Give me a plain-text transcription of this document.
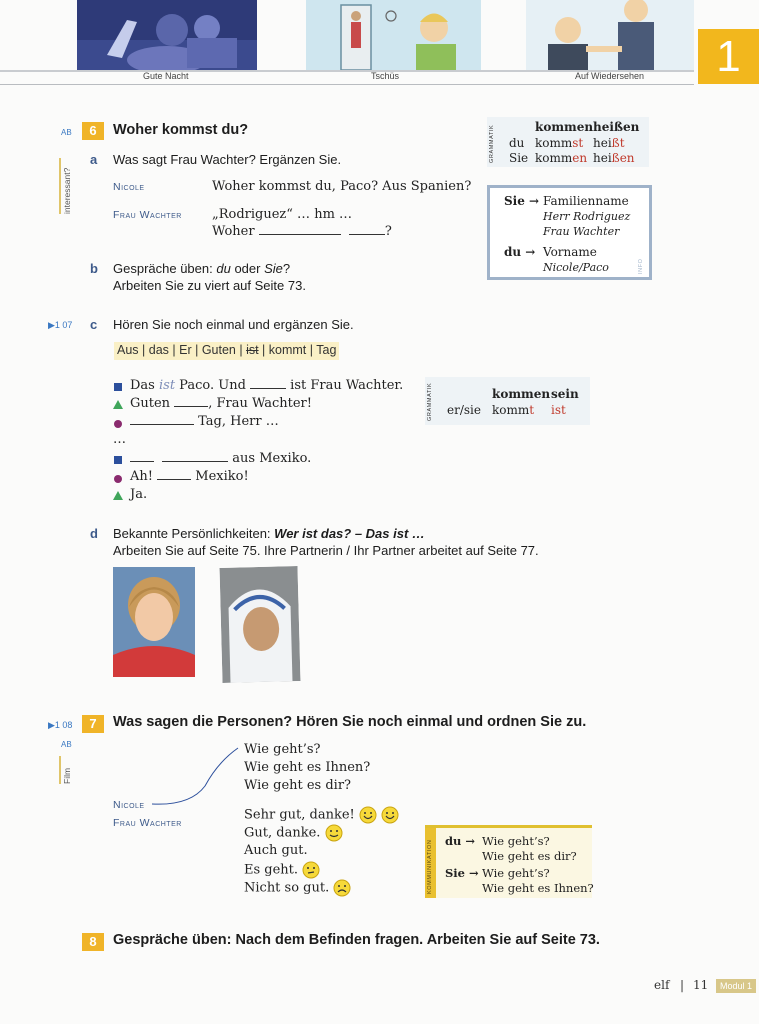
Gute Nacht	Tschüs	Auf Wiedersehen	1
AB	6	Woher kommst du?
interessant?
a Was sagt Frau Wachter? Ergänzen Sie.
Nicole	Woher kommst du, Paco? Aus Spanien?
Frau Wachter „Rodriguez“ … hm …
Woher	?
GRAMMATIK	kommen heißen
du kommst heißt
Sie kommen heißen
Sie → Familienname
Herr Rodriguez
Frau Wachter
du → Vorname
Nicole/Paco	INFO
b Gespräche üben: du oder Sie?
Arbeiten Sie zu viert auf Seite 73.
▶1 07 c Hören Sie noch einmal und ergänzen Sie.
Aus | das | Er | Guten | ist | kommt | Tag
Das ist Paco. Und	ist Frau Wachter.
Guten	, Frau Wachter!
Tag, Herr …
…
aus Mexiko.
Ah!	Mexiko!
Ja.
GRAMMATIK	kommen sein
er/sie kommt ist
d Bekannte Persönlichkeiten: Wer ist das? – Das ist …
Arbeiten Sie auf Seite 75. Ihre Partnerin / Ihr Partner arbeitet auf Seite 77.
▶1 08
AB
Film
7	Was sagen die Personen? Hören Sie noch einmal und ordnen Sie zu.
Nicole
Frau Wachter
Wie geht’s?
Wie geht es Ihnen?
Wie geht es dir?
Sehr gut, danke!
Gut, danke.
Auch gut.
Es geht.
Nicht so gut.	KOMMUNIKATION du → Wie geht’s?
Wie geht es dir?
Sie → Wie geht’s?
Wie geht es Ihnen?
8	Gespräche üben: Nach dem Befinden fragen. Arbeiten Sie auf Seite 73.
elf | 11	Modul 1
